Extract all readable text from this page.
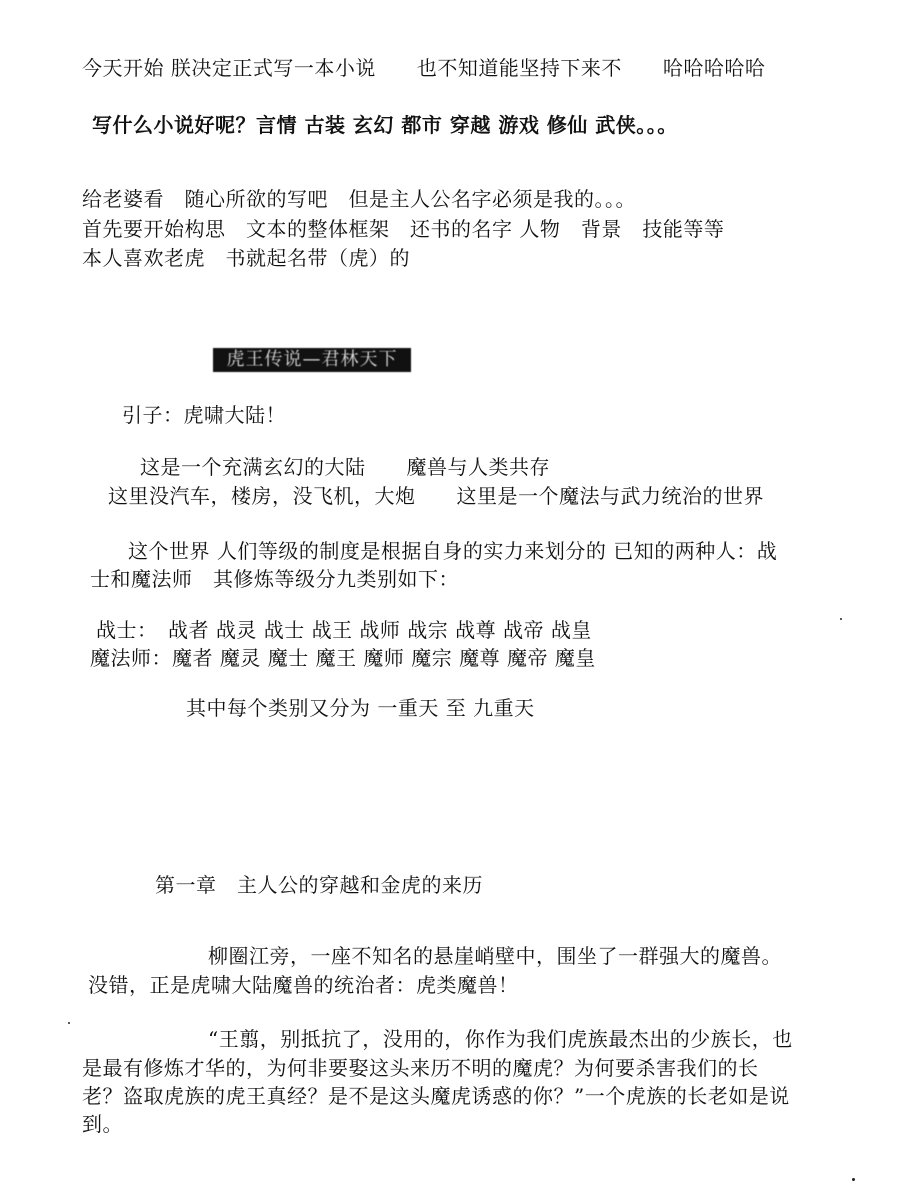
今天开始 朕决定正式写一本小说　　也不知道能坚持下来不　　哈哈哈哈哈
写什么小说好呢？言情 古装 玄幻 都市 穿越 游戏 修仙 武侠。。。
给老婆看　随心所欲的写吧　但是主人公名字必须是我的。。。
首先要开始构思　文本的整体框架　还书的名字 人物　背景　技能等等
本人喜欢老虎　书就起名带（虎）的
虎王传说—君林天下
引子：虎啸大陆！
这是一个充满玄幻的大陆　　魔兽与人类共存
这里没汽车，楼房，没飞机，大炮　　这里是一个魔法与武力统治的世界
这个世界 人们等级的制度是根据自身的实力来划分的 已知的两种人：战
士和魔法师　其修炼等级分九类别如下：
战士：　战者 战灵 战士 战王 战师 战宗 战尊 战帝 战皇
魔法师：魔者 魔灵 魔士 魔王 魔师 魔宗 魔尊 魔帝 魔皇
其中每个类别又分为 一重天 至 九重天
第一章　主人公的穿越和金虎的来历
柳圈江旁，一座不知名的悬崖峭壁中，围坐了一群强大的魔兽。
没错，正是虎啸大陆魔兽的统治者：虎类魔兽！
“王翦，别抵抗了，没用的，你作为我们虎族最杰出的少族长，也
是最有修炼才华的，为何非要娶这头来历不明的魔虎？为何要杀害我们的长
老？盗取虎族的虎王真经？是不是这头魔虎诱惑的你？”一个虎族的长老如是说
到。
